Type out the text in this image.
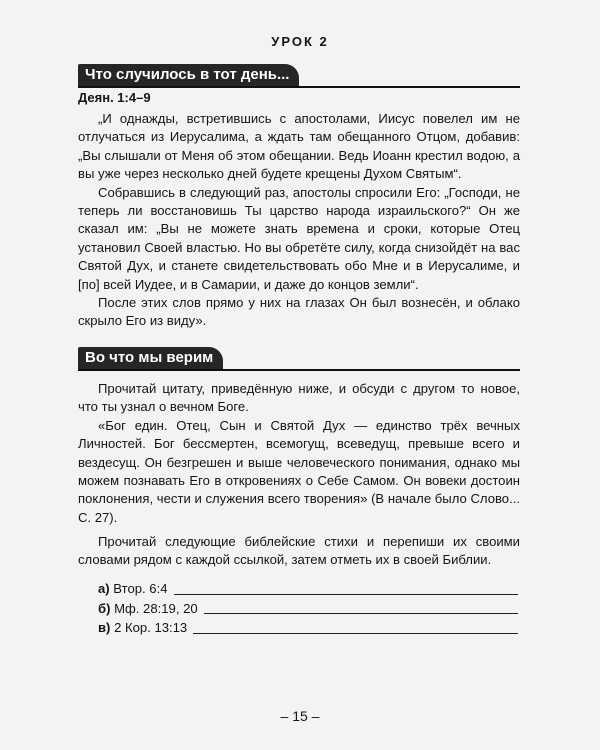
УРОК 2
Что случилось в тот день...
Деян. 1:4–9

„И однажды, встретившись с апостолами, Иисус повелел им не отлучаться из Иерусалима, а ждать там обещанного Отцом, добавив: „Вы слышали от Меня об этом обещании. Ведь Иоанн крестил водою, а вы уже через несколько дней будете крещены Духом Святым“.

Собравшись в следующий раз, апостолы спросили Его: „Господи, не теперь ли восстановишь Ты царство народа израильского?“ Он же сказал им: „Вы не можете знать времена и сроки, которые Отец установил Своей властью. Но вы обретёте силу, когда снизойдёт на вас Святой Дух, и станете свидетельствовать обо Мне и в Иерусалиме, и [по] всей Иудее, и в Самарии, и даже до концов земли“.

После этих слов прямо у них на глазах Он был вознесён, и облако скрыло Его из виду».

Во что мы верим

Прочитай цитату, приведённую ниже, и обсуди с другом то новое, что ты узнал о вечном Боге.

«Бог един. Отец, Сын и Святой Дух — единство трёх вечных Личностей. Бог бессмертен, всемогущ, всеведущ, превыше всего и вездесущ. Он безгрешен и выше человеческого понимания, однако мы можем познавать Его в откровениях о Себе Самом. Он вовеки достоин поклонения, чести и служения всего творения» (В начале было Слово... С. 27).

Прочитай следующие библейские стихи и перепиши их своими словами рядом с каждой ссылкой, затем отметь их в своей Библии.

а) Втор. 6:4
б) Мф. 28:19, 20
в) 2 Кор. 13:13
– 15 –
